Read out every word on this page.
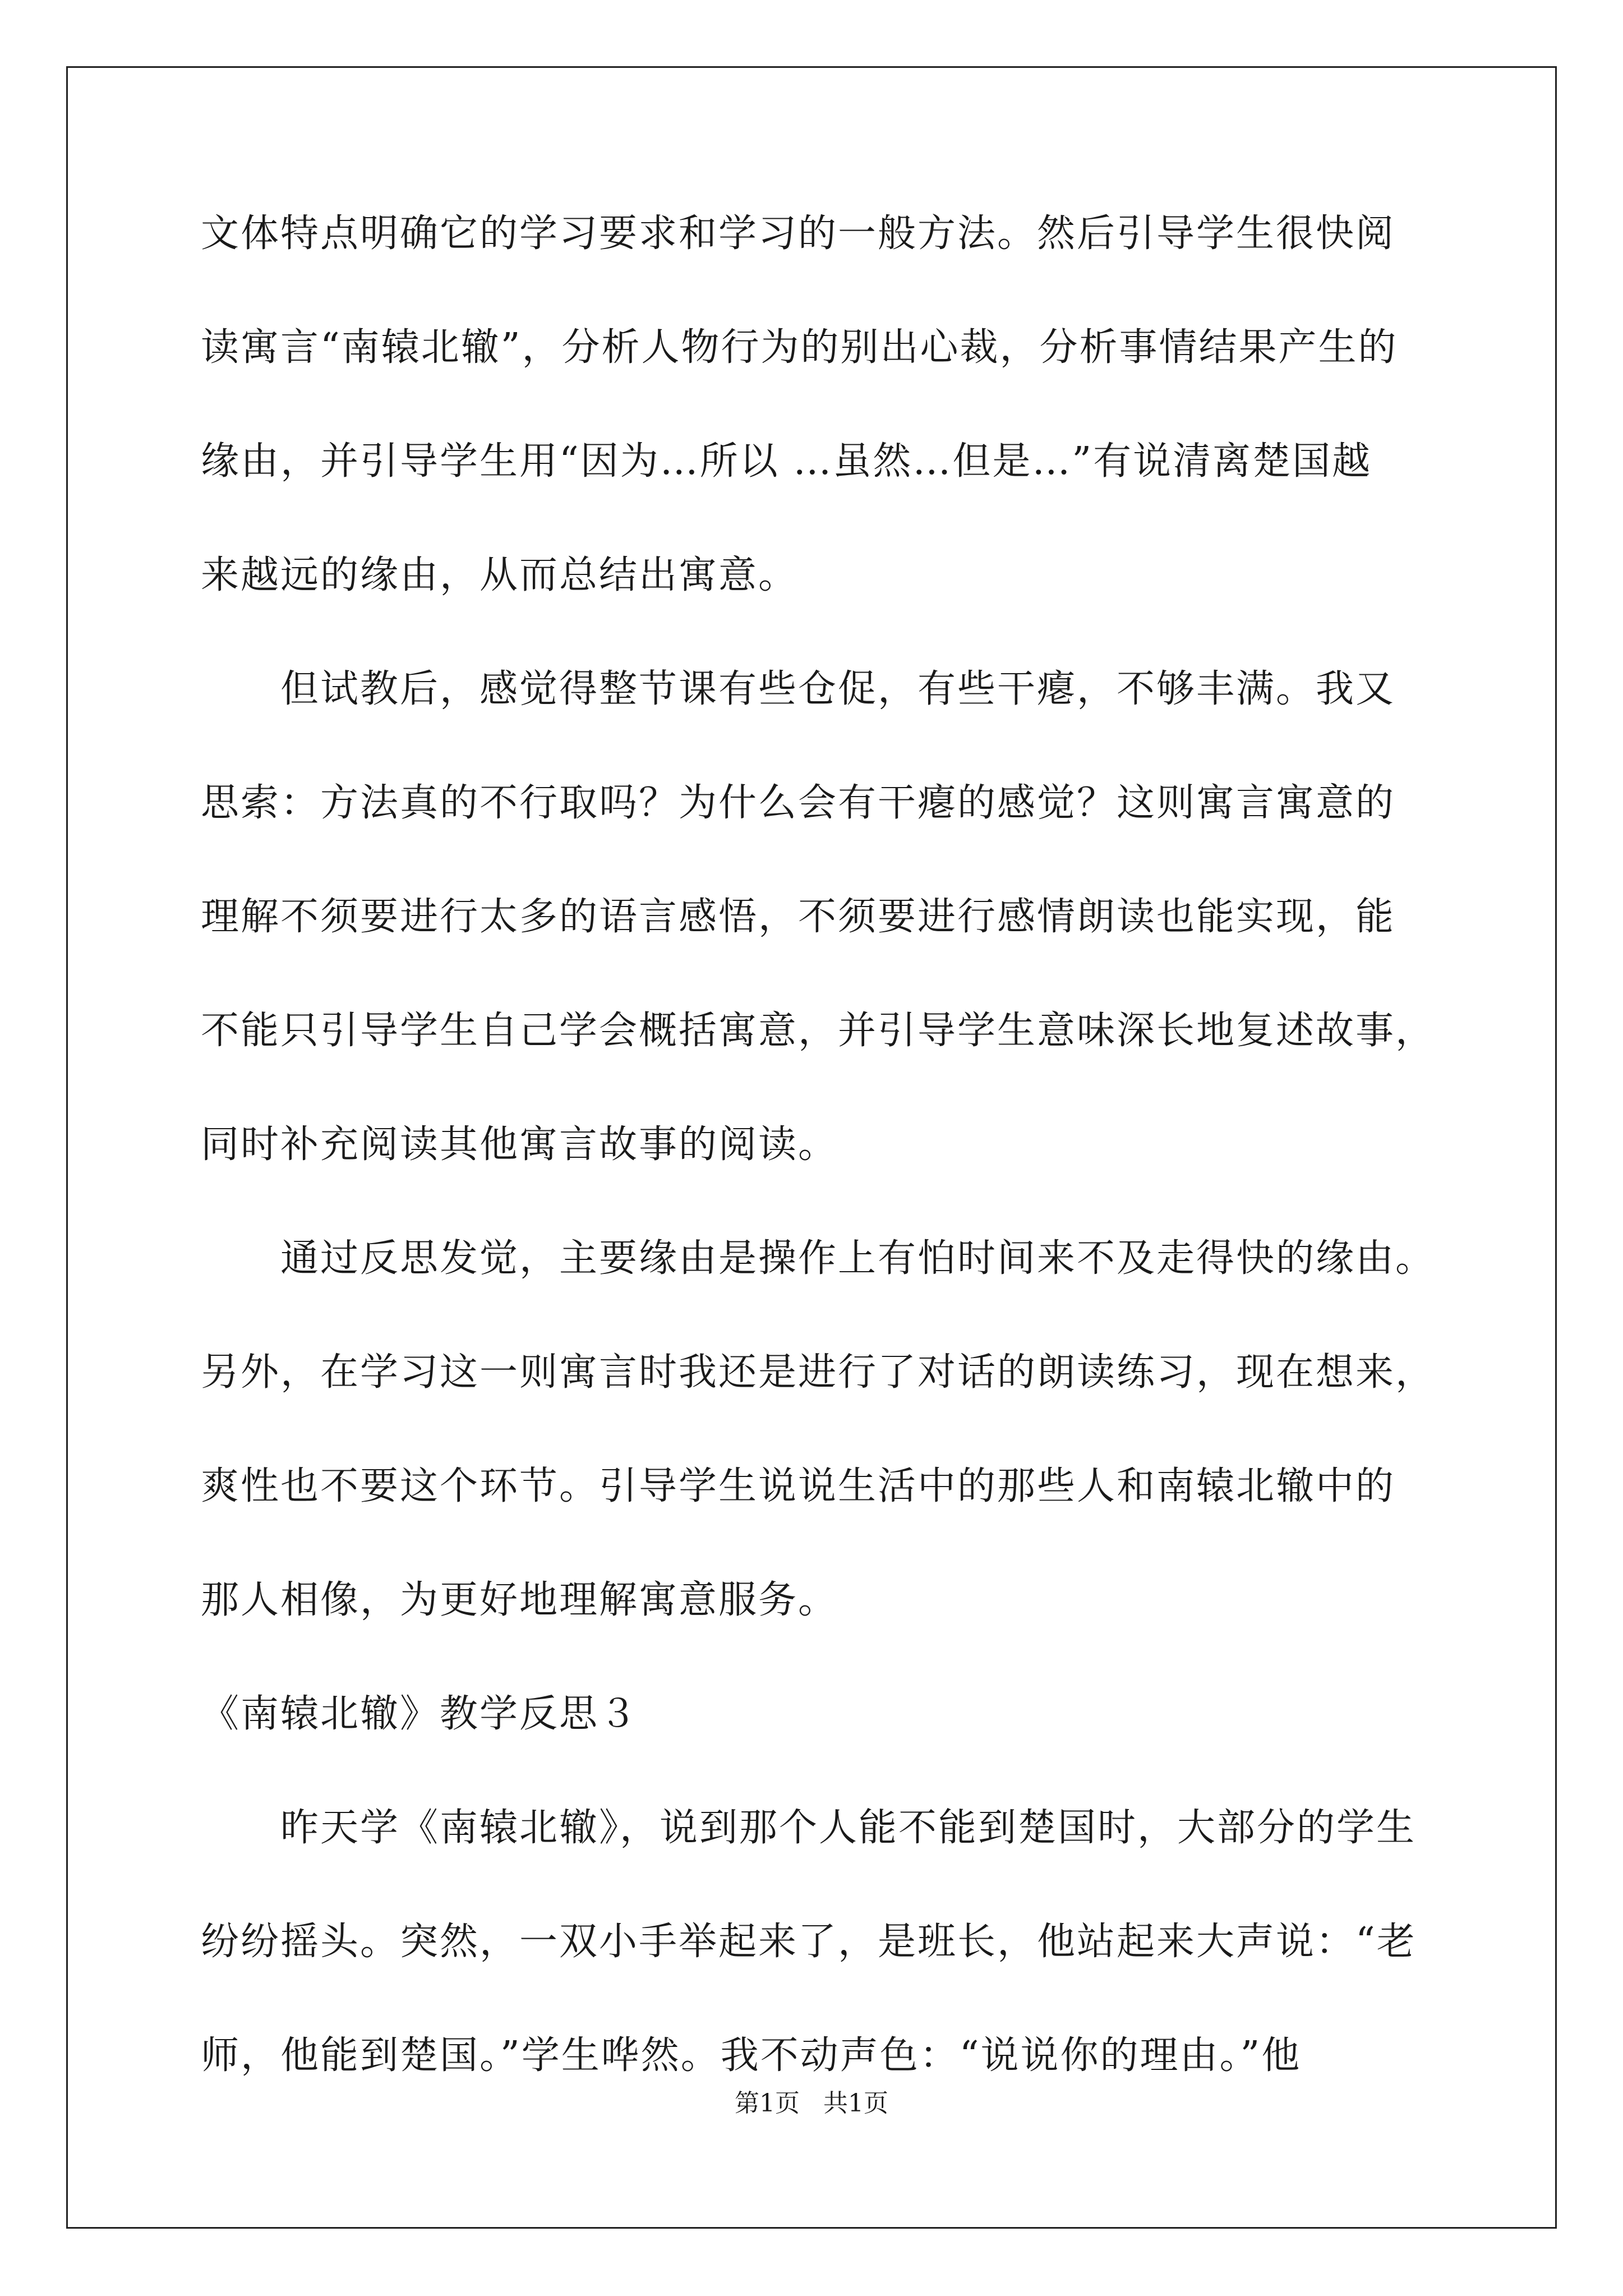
文体特点明确它的学习要求和学习的一般方法。然后引导学生很快阅
读寓言“南辕北辙”，分析人物行为的别出心裁，分析事情结果产生的
缘由，并引导学生用“因为…所以 …虽然…但是…”有说清离楚国越
来越远的缘由，从而总结出寓意。
但试教后，感觉得整节课有些仓促，有些干瘪，不够丰满。我又
思索：方法真的不行取吗？为什么会有干瘪的感觉？这则寓言寓意的
理解不须要进行太多的语言感悟，不须要进行感情朗读也能实现，能
不能只引导学生自己学会概括寓意，并引导学生意味深长地复述故事，
同时补充阅读其他寓言故事的阅读。
通过反思发觉，主要缘由是操作上有怕时间来不及走得快的缘由。
另外，在学习这一则寓言时我还是进行了对话的朗读练习，现在想来，
爽性也不要这个环节。引导学生说说生活中的那些人和南辕北辙中的
那人相像，为更好地理解寓意服务。
《南辕北辙》教学反思３
昨天学《南辕北辙》，说到那个人能不能到楚国时，大部分的学生
纷纷摇头。突然，一双小手举起来了，是班长，他站起来大声说：“老
师，他能到楚国。”学生哗然。我不动声色：“说说你的理由。”他
第1页 共1页
